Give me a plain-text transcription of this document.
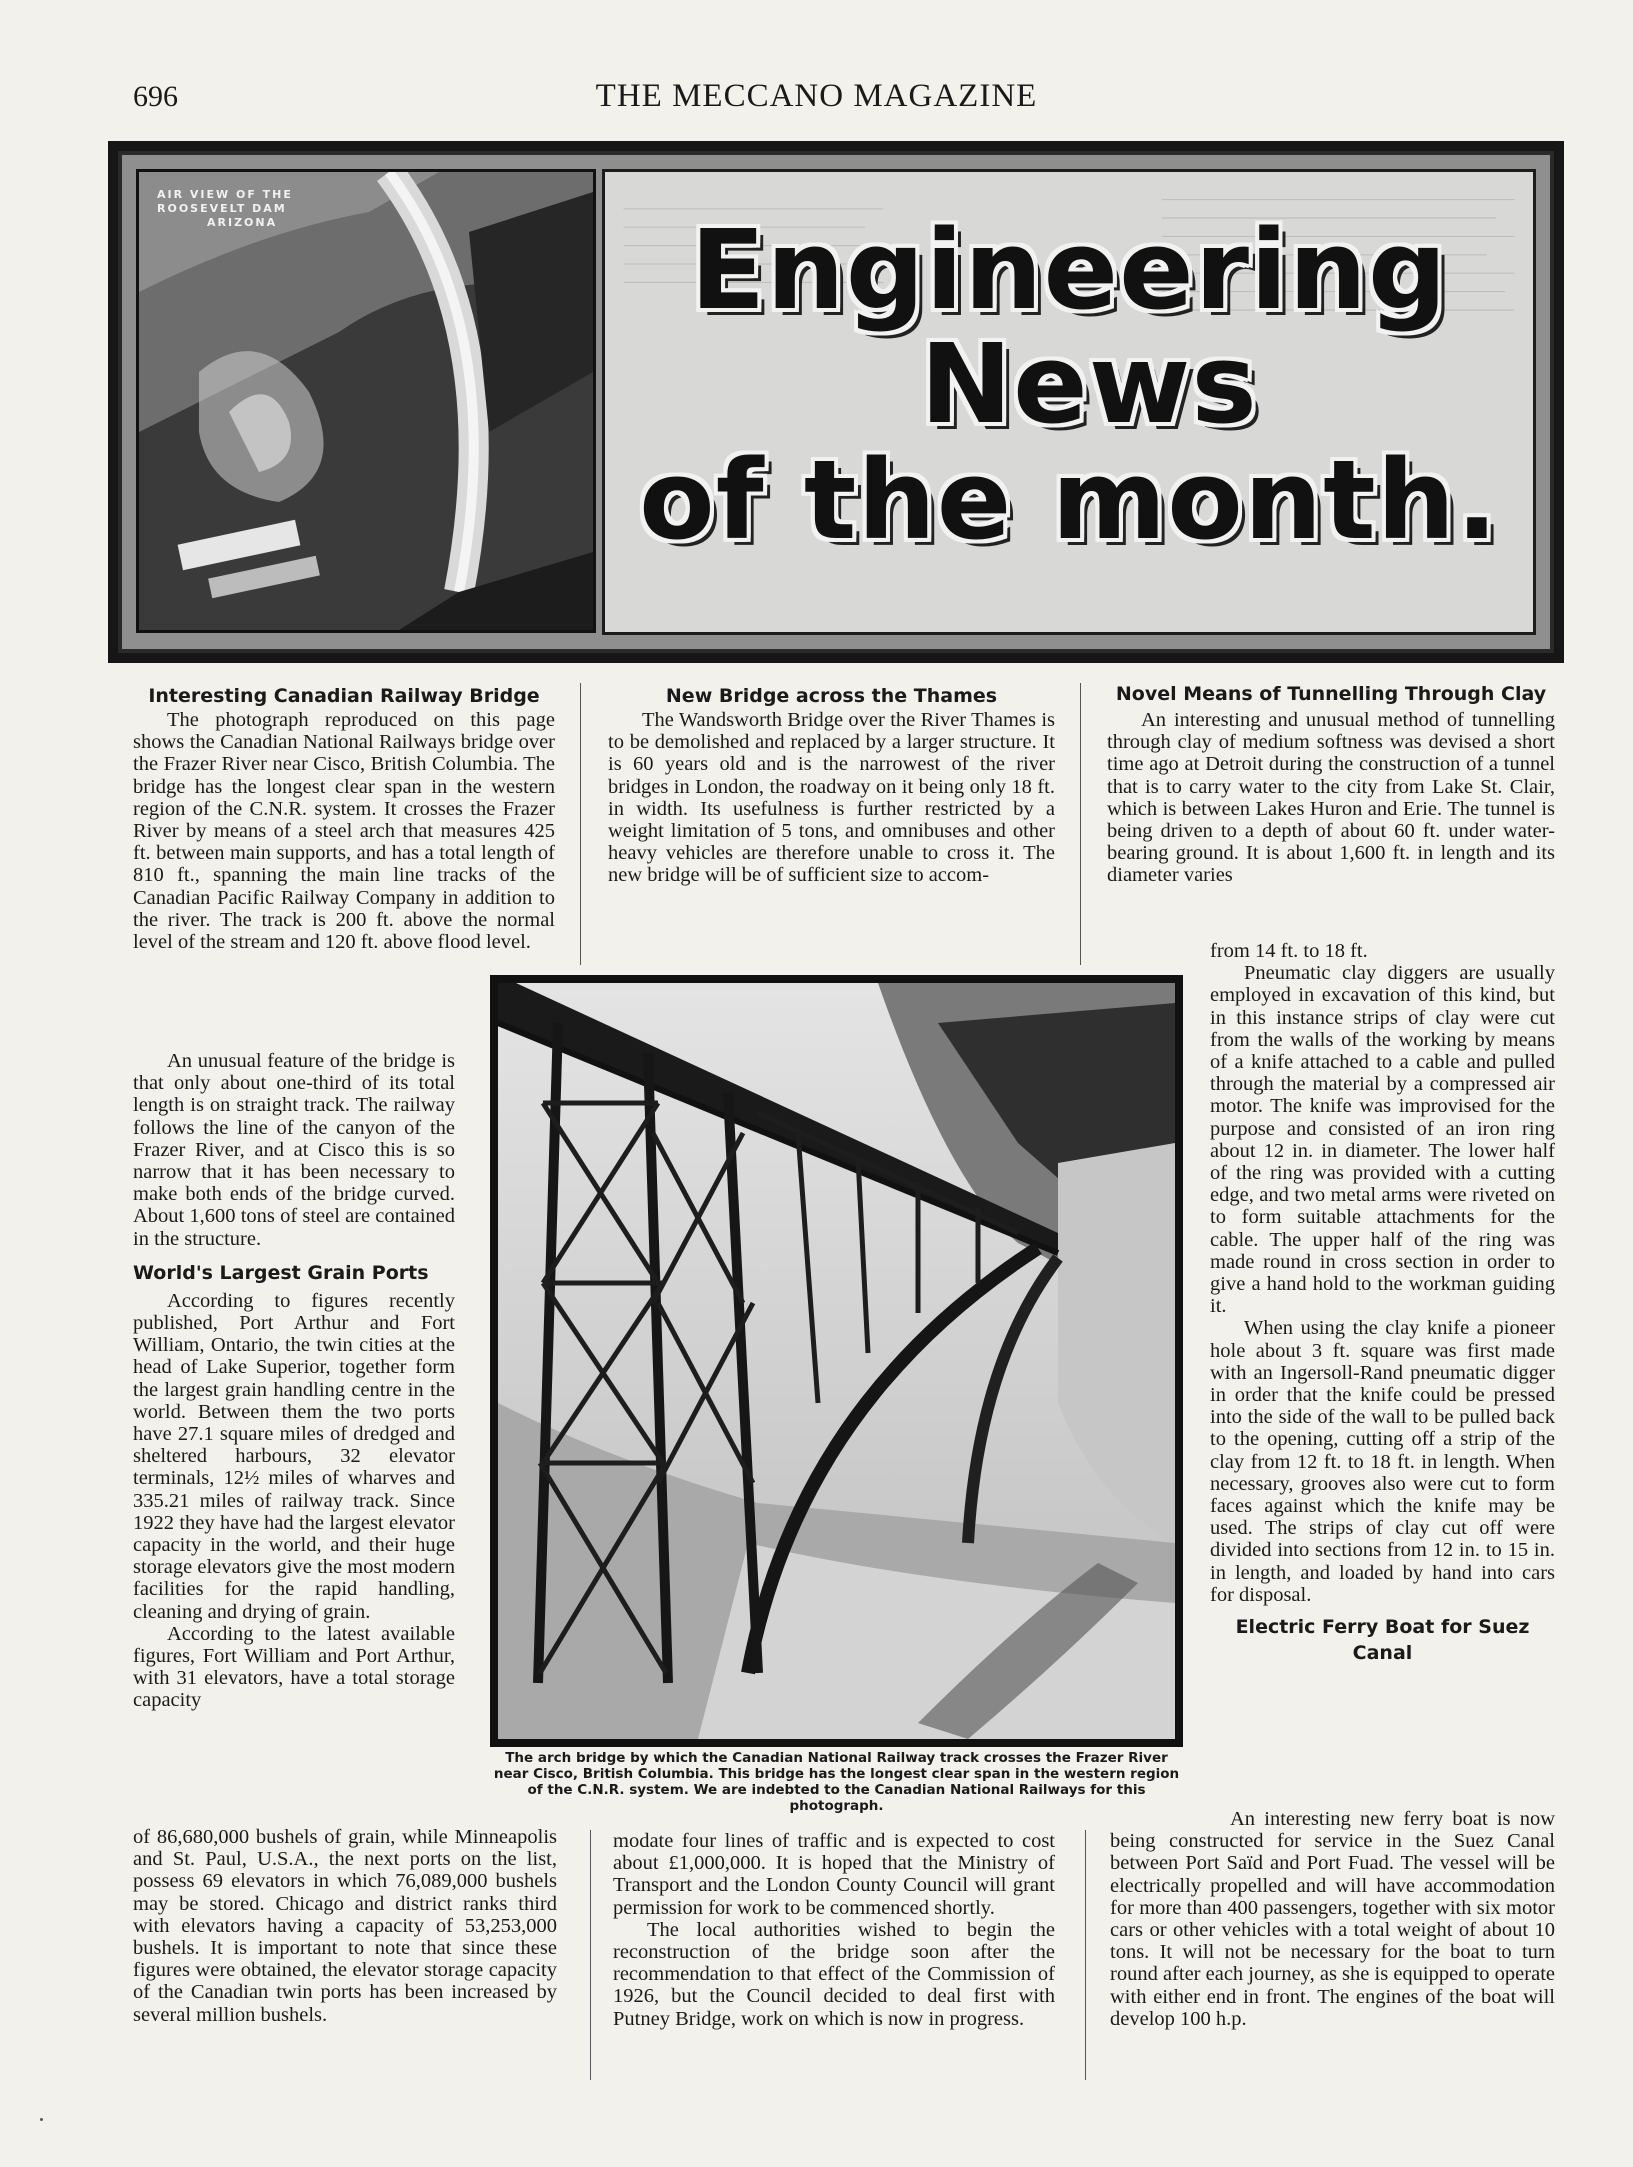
696	THE MECCANO MAGAZINE
AIR VIEW OF THE
ROOSEVELT DAM
ARIZONA	Engineering
News
of the month.
Interesting Canadian Railway Bridge

The photograph reproduced on this page shows the Canadian National Railways bridge over the Frazer River near Cisco, British Columbia. The bridge has the longest clear span in the western region of the C.N.R. system. It crosses the Frazer River by means of a steel arch that measures 425 ft. between main supports, and has a total length of 810 ft., spanning the main line tracks of the Canadian Pacific Railway Company in addition to the river. The track is 200 ft. above the normal level of the stream and 120 ft. above flood level.

An unusual feature of the bridge is that only about one-third of its total length is on straight track. The railway follows the line of the canyon of the Frazer River, and at Cisco this is so narrow that it has been necessary to make both ends of the bridge curved. About 1,600 tons of steel are contained in the structure.

World's Largest Grain Ports

According to figures recently published, Port Arthur and Fort William, Ontario, the twin cities at the head of Lake Superior, together form the largest grain handling centre in the world. Between them the two ports have 27.1 square miles of dredged and sheltered harbours, 32 elevator terminals, 12½ miles of wharves and 335.21 miles of railway track. Since 1922 they have had the largest elevator capacity in the world, and their huge storage elevators give the most modern facilities for the rapid handling, cleaning and drying of grain.

According to the latest available figures, Fort William and Port Arthur, with 31 elevators, have a total storage capacity

of 86,680,000 bushels of grain, while Minneapolis and St. Paul, U.S.A., the next ports on the list, possess 69 elevators in which 76,089,000 bushels may be stored. Chicago and district ranks third with elevators having a capacity of 53,253,000 bushels. It is important to note that since these figures were obtained, the elevator storage capacity of the Canadian twin ports has been increased by several million bushels.

New Bridge across the Thames

The Wandsworth Bridge over the River Thames is to be demolished and replaced by a larger structure. It is 60 years old and is the narrowest of the river bridges in London, the roadway on it being only 18 ft. in width. Its usefulness is further restricted by a weight limitation of 5 tons, and omnibuses and other heavy vehicles are therefore unable to cross it. The new bridge will be of sufficient size to accom-

modate four lines of traffic and is expected to cost about £1,000,000. It is hoped that the Ministry of Transport and the London County Council will grant permission for work to be commenced shortly.

The local authorities wished to begin the reconstruction of the bridge soon after the recommendation to that effect of the Commission of 1926, but the Council decided to deal first with Putney Bridge, work on which is now in progress.

Novel Means of Tunnelling Through Clay

An interesting and unusual method of tunnelling through clay of medium softness was devised a short time ago at Detroit during the construction of a tunnel that is to carry water to the city from Lake St. Clair, which is between Lakes Huron and Erie. The tunnel is being driven to a depth of about 60 ft. under water-bearing ground. It is about 1,600 ft. in length and its diameter varies

from 14 ft. to 18 ft.

Pneumatic clay diggers are usually employed in excavation of this kind, but in this instance strips of clay were cut from the walls of the working by means of a knife attached to a cable and pulled through the material by a compressed air motor. The knife was improvised for the purpose and consisted of an iron ring about 12 in. in diameter. The lower half of the ring was provided with a cutting edge, and two metal arms were riveted on to form suitable attachments for the cable. The upper half of the ring was made round in cross section in order to give a hand hold to the workman guiding it.

When using the clay knife a pioneer hole about 3 ft. square was first made with an Ingersoll-Rand pneumatic digger in order that the knife could be pressed into the side of the wall to be pulled back to the opening, cutting off a strip of the clay from 12 ft. to 18 ft. in length. When necessary, grooves also were cut to form faces against which the knife may be used. The strips of clay cut off were divided into sections from 12 in. to 15 in. in length, and loaded by hand into cars for disposal.

Electric Ferry Boat for Suez Canal

An interesting new ferry boat is now being constructed for service in the Suez Canal between Port Saïd and Port Fuad. The vessel will be electrically propelled and will have accommodation for more than 400 passengers, together with six motor cars or other vehicles with a total weight of about 10 tons. It will not be necessary for the boat to turn round after each journey, as she is equipped to operate with either end in front. The engines of the boat will develop 100 h.p.

The arch bridge by which the Canadian National Railway track crosses the Frazer River near Cisco, British Columbia. This bridge has the longest clear span in the western region of the C.N.R. system. We are indebted to the Canadian National Railways for this photograph.
